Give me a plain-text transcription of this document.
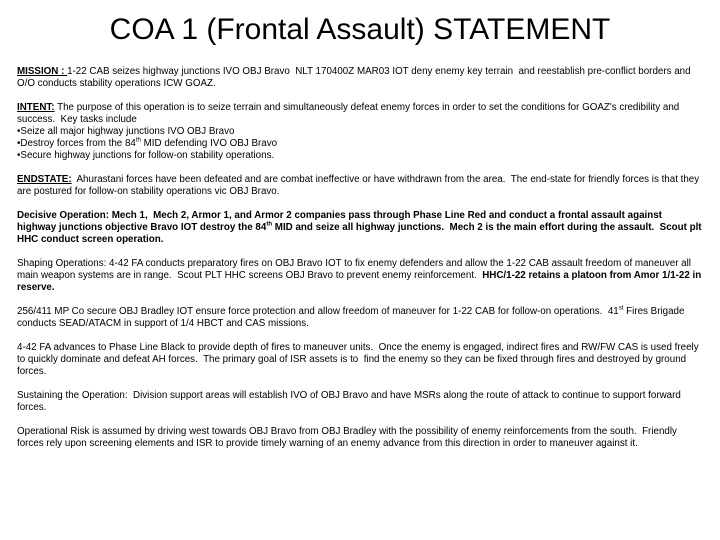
COA 1 (Frontal Assault) STATEMENT

MISSION : 1-22 CAB seizes highway junctions IVO OBJ Bravo  NLT 170400Z MAR03 IOT deny enemy key terrain  and reestablish pre-conflict borders and O/O conducts stability operations ICW GOAZ.

INTENT: The purpose of this operation is to seize terrain and simultaneously defeat enemy forces in order to set the conditions for GOAZ's credibility and success.  Key tasks include

•Seize all major highway junctions IVO OBJ Bravo

•Destroy forces from the 84th MID defending IVO OBJ Bravo

•Secure highway junctions for follow-on stability operations.

ENDSTATE:  Ahurastani forces have been defeated and are combat ineffective or have withdrawn from the area.  The end-state for friendly forces is that they are postured for follow-on stability operations vic OBJ Bravo.

Decisive Operation: Mech 1,  Mech 2, Armor 1, and Armor 2 companies pass through Phase Line Red and conduct a frontal assault against highway junctions objective Bravo IOT destroy the 84th MID and seize all highway junctions.  Mech 2 is the main effort during the assault.  Scout plt HHC conduct screen operation.

Shaping Operations: 4-42 FA conducts preparatory fires on OBJ Bravo IOT to fix enemy defenders and allow the 1-22 CAB assault freedom of maneuver all main weapon systems are in range.  Scout PLT HHC screens OBJ Bravo to prevent enemy reinforcement.  HHC/1-22 retains a platoon from Amor 1/1-22 in reserve.

256/411 MP Co secure OBJ Bradley IOT ensure force protection and allow freedom of maneuver for 1-22 CAB for follow-on operations.  41st Fires Brigade conducts SEAD/ATACM in support of 1/4 HBCT and CAS missions.

4-42 FA advances to Phase Line Black to provide depth of fires to maneuver units.  Once the enemy is engaged, indirect fires and RW/FW CAS is used freely to quickly dominate and defeat AH forces.  The primary goal of ISR assets is to  find the enemy so they can be fixed through fires and destroyed by ground forces.

Sustaining the Operation:  Division support areas will establish IVO of OBJ Bravo and have MSRs along the route of attack to continue to support forward forces.

Operational Risk is assumed by driving west towards OBJ Bravo from OBJ Bradley with the possibility of enemy reinforcements from the south.  Friendly forces rely upon screening elements and ISR to provide timely warning of an enemy advance from this direction in order to maneuver against it.
